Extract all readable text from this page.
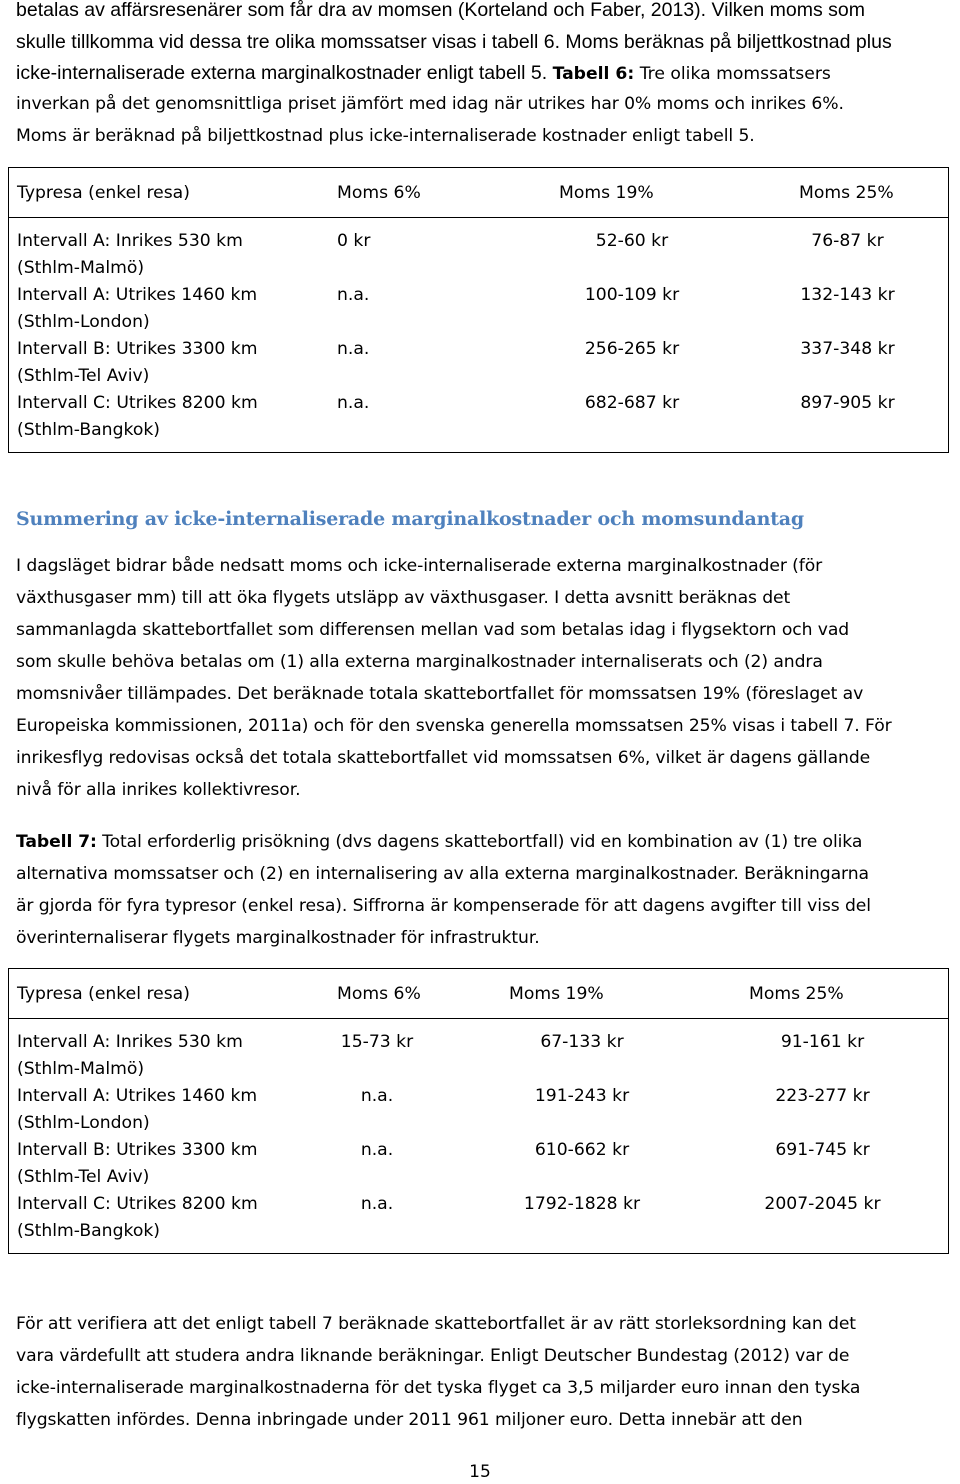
betalas av affärsresenärer som får dra av momsen (Korteland och Faber, 2013). Vilken moms som

skulle tillkomma vid dessa tre olika momssatser visas i tabell 6. Moms beräknas på biljettkostnad plus

icke-internaliserade externa marginalkostnader enligt tabell 5. Tabell 6: Tre olika momssatsers

inverkan på det genomsnittliga priset jämfört med idag när utrikes har 0% moms och inrikes 6%.

Moms är beräknad på biljettkostnad plus icke-internaliserade kostnader enligt tabell 5.

Typresa (enkel resa)	Moms 6%	Moms 19%	Moms 25%

Intervall A: Inrikes 530 km
(Sthlm-Malmö)	0 kr	52-60 kr	76-87 kr

Intervall A: Utrikes 1460 km
(Sthlm-London)	n.a.	100-109 kr	132-143 kr

Intervall B: Utrikes 3300 km
(Sthlm-Tel Aviv)	n.a.	256-265 kr	337-348 kr

Intervall C: Utrikes 8200 km
(Sthlm-Bangkok)	n.a.	682-687 kr	897-905 kr
Summering av icke-internaliserade marginalkostnader och momsundantag

I dagsläget bidrar både nedsatt moms och icke-internaliserade externa marginalkostnader (för

växthusgaser mm) till att öka flygets utsläpp av växthusgaser. I detta avsnitt beräknas det

sammanlagda skattebortfallet som differensen mellan vad som betalas idag i flygsektorn och vad

som skulle behöva betalas om (1) alla externa marginalkostnader internaliserats och (2) andra

momsnivåer tillämpades. Det beräknade totala skattebortfallet för momssatsen 19% (föreslaget av

Europeiska kommissionen, 2011a) och för den svenska generella momssatsen 25% visas i tabell 7. För

inrikesflyg redovisas också det totala skattebortfallet vid momssatsen 6%, vilket är dagens gällande

nivå för alla inrikes kollektivresor.

Tabell 7: Total erforderlig prisökning (dvs dagens skattebortfall) vid en kombination av (1) tre olika

alternativa momssatser och (2) en internalisering av alla externa marginalkostnader. Beräkningarna

är gjorda för fyra typresor (enkel resa). Siffrorna är kompenserade för att dagens avgifter till viss del

överinternaliserar flygets marginalkostnader för infrastruktur.

Typresa (enkel resa)	Moms 6%	Moms 19%	Moms 25%

Intervall A: Inrikes 530 km
(Sthlm-Malmö)	15-73 kr	67-133 kr	91-161 kr

Intervall A: Utrikes 1460 km
(Sthlm-London)	n.a.	191-243 kr	223-277 kr

Intervall B: Utrikes 3300 km
(Sthlm-Tel Aviv)	n.a.	610-662 kr	691-745 kr

Intervall C: Utrikes 8200 km
(Sthlm-Bangkok)	n.a.	1792-1828 kr	2007-2045 kr

För att verifiera att det enligt tabell 7 beräknade skattebortfallet är av rätt storleksordning kan det

vara värdefullt att studera andra liknande beräkningar. Enligt Deutscher Bundestag (2012) var de

icke-internaliserade marginalkostnaderna för det tyska flyget ca 3,5 miljarder euro innan den tyska

flygskatten infördes. Denna inbringade under 2011 961 miljoner euro. Detta innebär att den

15
